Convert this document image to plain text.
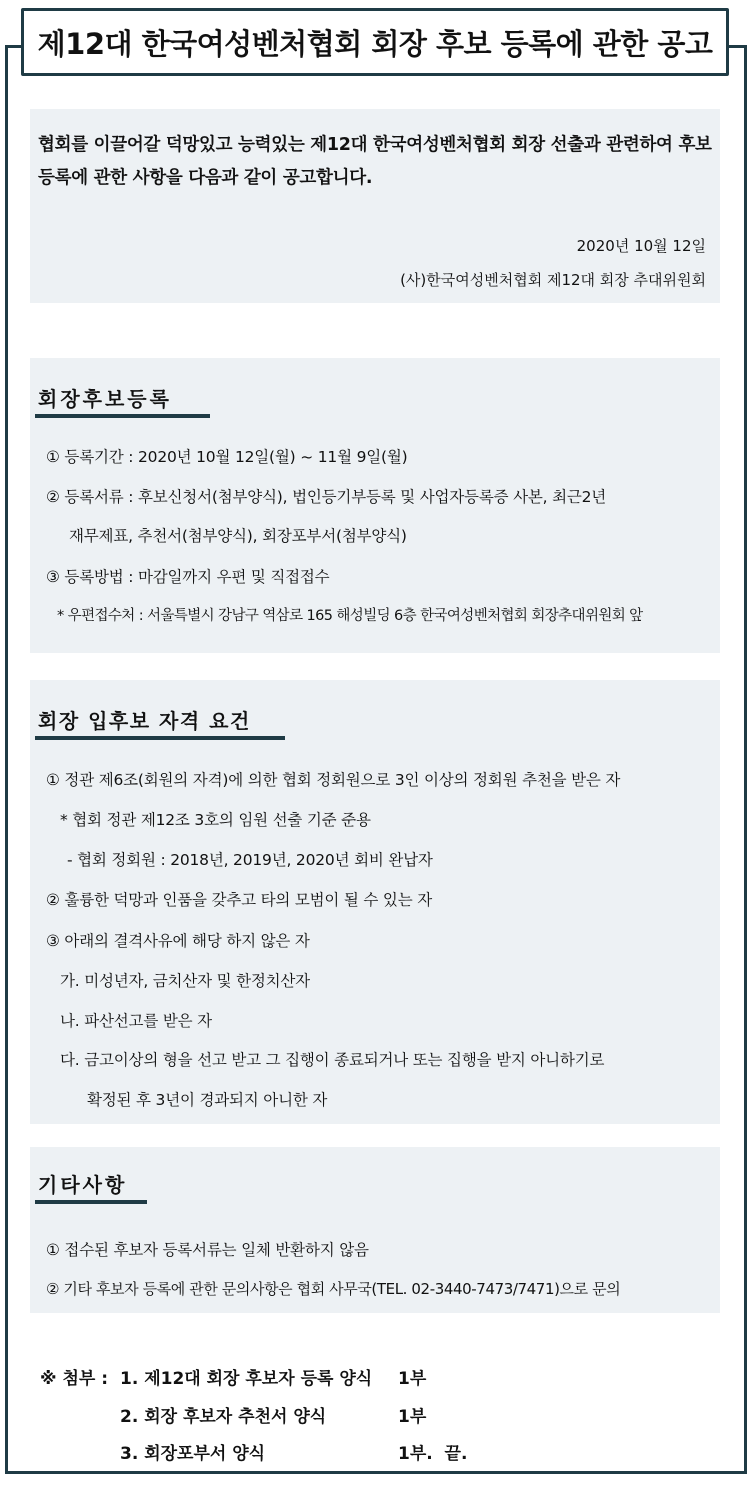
제12대 한국여성벤처협회 회장 후보 등록에 관한 공고
협회를 이끌어갈 덕망있고 능력있는 제12대 한국여성벤처협회 회장 선출과 관련하여 후보 등록에 관한 사항을 다음과 같이 공고합니다.
2020년 10월 12일
(사)한국여성벤처협회 제12대 회장 추대위원회
회장후보등록
① 등록기간 : 2020년 10월 12일(월) ~ 11월 9일(월)
② 등록서류 : 후보신청서(첨부양식), 법인등기부등록 및 사업자등록증 사본, 최근2년
재무제표, 추천서(첨부양식), 회장포부서(첨부양식)
③ 등록방법 : 마감일까지 우편 및 직접접수
* 우편접수처 : 서울특별시 강남구 역삼로 165 해성빌딩 6층 한국여성벤처협회 회장추대위원회 앞
회장 입후보 자격 요건
① 정관 제6조(회원의 자격)에 의한 협회 정회원으로 3인 이상의 정회원 추천을 받은 자
* 협회 정관 제12조 3호의 임원 선출 기준 준용
- 협회 정회원 : 2018년, 2019년, 2020년 회비 완납자
② 훌륭한 덕망과 인품을 갖추고 타의 모범이 될 수 있는 자
③ 아래의 결격사유에 해당 하지 않은 자
가. 미성년자, 금치산자 및 한정치산자
나. 파산선고를 받은 자
다. 금고이상의 형을 선고 받고 그 집행이 종료되거나 또는 집행을 받지 아니하기로
확정된 후 3년이 경과되지 아니한 자
기타사항
① 접수된 후보자 등록서류는 일체 반환하지 않음
② 기타 후보자 등록에 관한 문의사항은 협회 사무국(TEL. 02-3440-7473/7471)으로 문의
※ 첨부 : 1. 제12대 회장 후보자 등록 양식 1부
2. 회장 후보자 추천서 양식	1부
3. 회장포부서 양식	1부.  끝.
